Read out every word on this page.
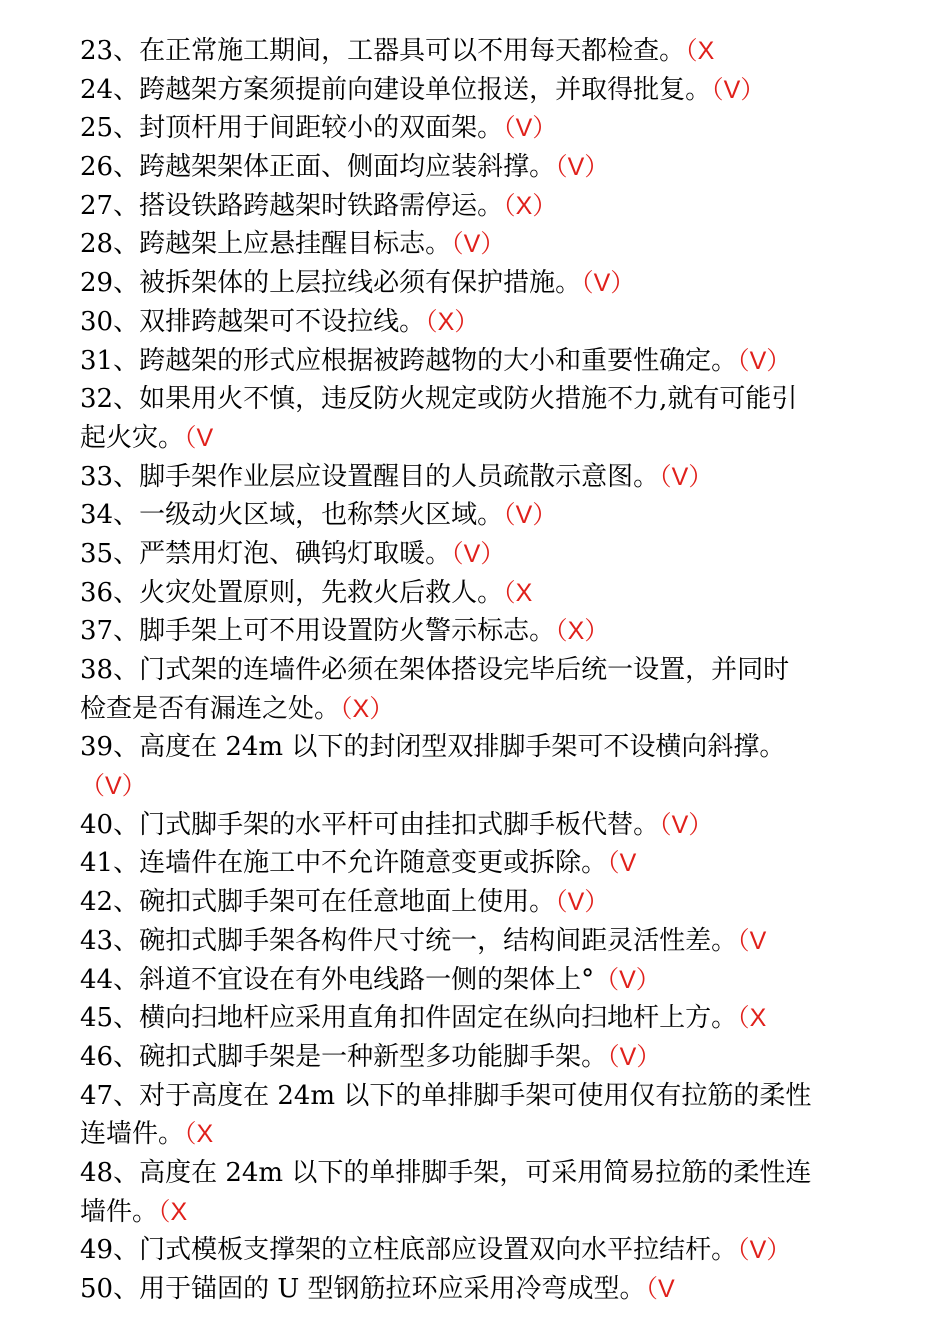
23、在正常施工期间，工器具可以不用每天都检查。（X
24、跨越架方案须提前向建设单位报送，并取得批复。（V）
25、封顶杆用于间距较小的双面架。（V）
26、跨越架架体正面、侧面均应装斜撑。（V）
27、搭设铁路跨越架时铁路需停运。（X）
28、跨越架上应悬挂醒目标志。（V）
29、被拆架体的上层拉线必须有保护措施。（V）
30、双排跨越架可不设拉线。（X）
31、跨越架的形式应根据被跨越物的大小和重要性确定。（V）
32、如果用火不慎，违反防火规定或防火措施不力,就有可能引
起火灾。（V
33、脚手架作业层应设置醒目的人员疏散示意图。（V）
34、一级动火区域，也称禁火区域。（V）
35、严禁用灯泡、碘钨灯取暖。（V）
36、火灾处置原则，先救火后救人。（X
37、脚手架上可不用设置防火警示标志。（X）
38、门式架的连墙件必须在架体搭设完毕后统一设置，并同时
检查是否有漏连之处。（X）
39、高度在 24m 以下的封闭型双排脚手架可不设横向斜撑。
（V）
40、门式脚手架的水平杆可由挂扣式脚手板代替。（V）
41、连墙件在施工中不允许随意变更或拆除。（V
42、碗扣式脚手架可在任意地面上使用。（V）
43、碗扣式脚手架各构件尺寸统一，结构间距灵活性差。（V
44、斜道不宜设在有外电线路一侧的架体上°（V）
45、横向扫地杆应采用直角扣件固定在纵向扫地杆上方。（X
46、碗扣式脚手架是一种新型多功能脚手架。（V）
47、对于高度在 24m 以下的单排脚手架可使用仅有拉筋的柔性
连墙件。（X
48、高度在 24m 以下的单排脚手架，可采用简易拉筋的柔性连
墙件。（X
49、门式模板支撑架的立柱底部应设置双向水平拉结杆。（V）
50、用于锚固的 U 型钢筋拉环应采用冷弯成型。（V
